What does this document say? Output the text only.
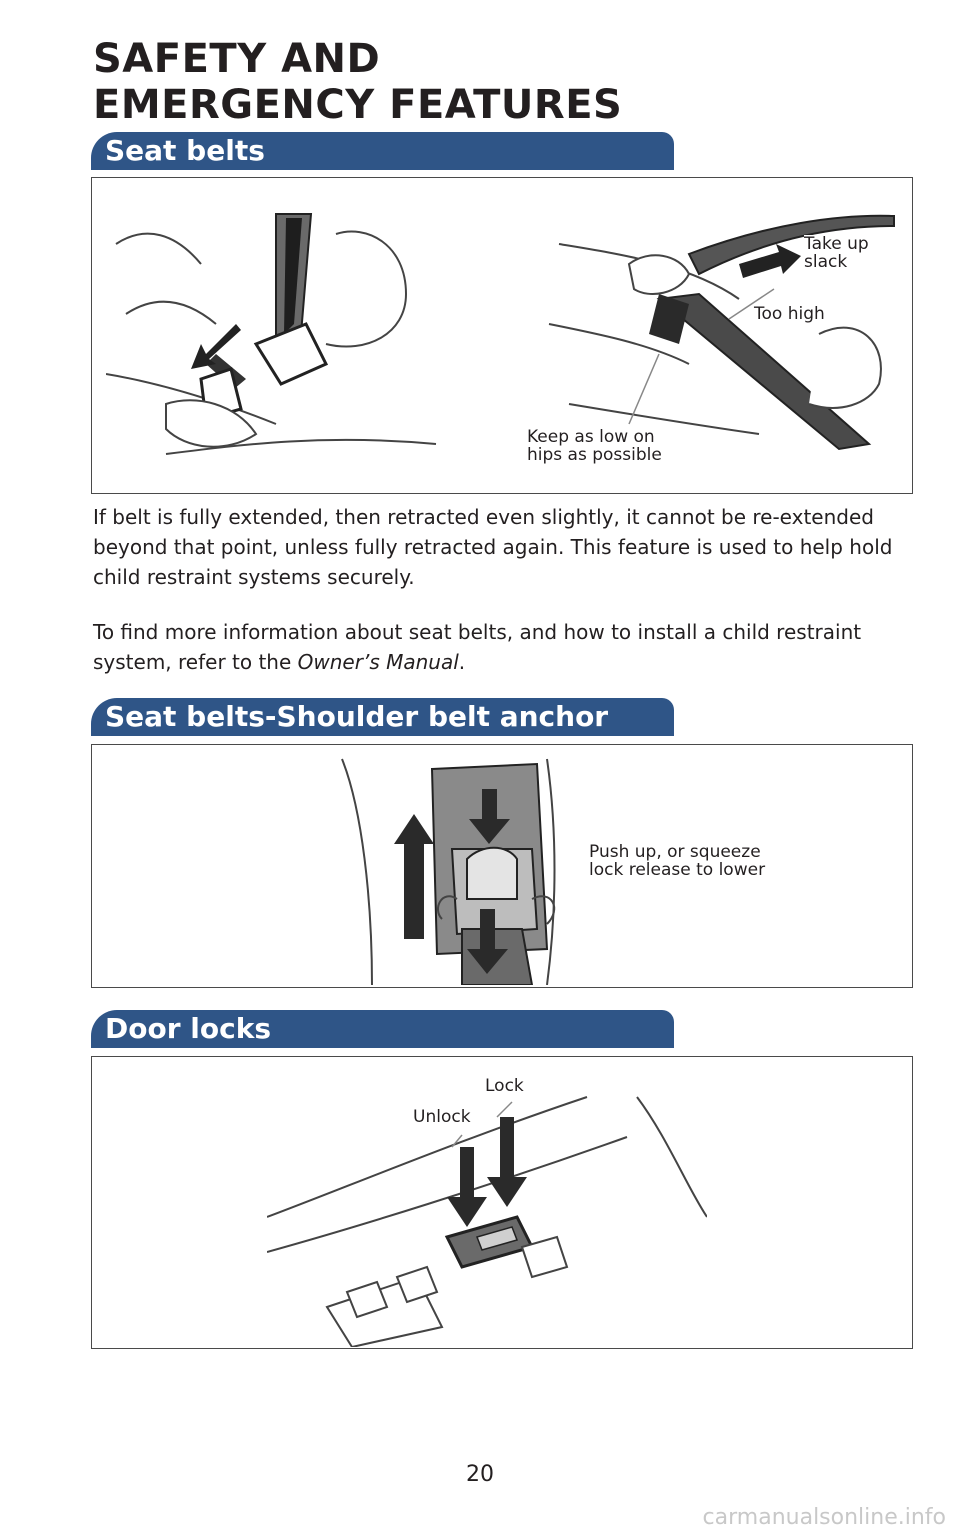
SAFETY AND
EMERGENCY FEATURES
Seat belts
Take up
slack
Too high
Keep as low on
hips as possible

If belt is fully extended, then retracted even slightly, it cannot be re-extended beyond that point, unless fully retracted again. This feature is used to help hold child restraint systems securely.

To find more information about seat belts, and how to install a child restraint system, refer to the Owner’s Manual.

Seat belts-Shoulder belt anchor
Push up, or squeeze
lock release to lower
Door locks
Lock
Unlock
20
carmanualsonline.info
